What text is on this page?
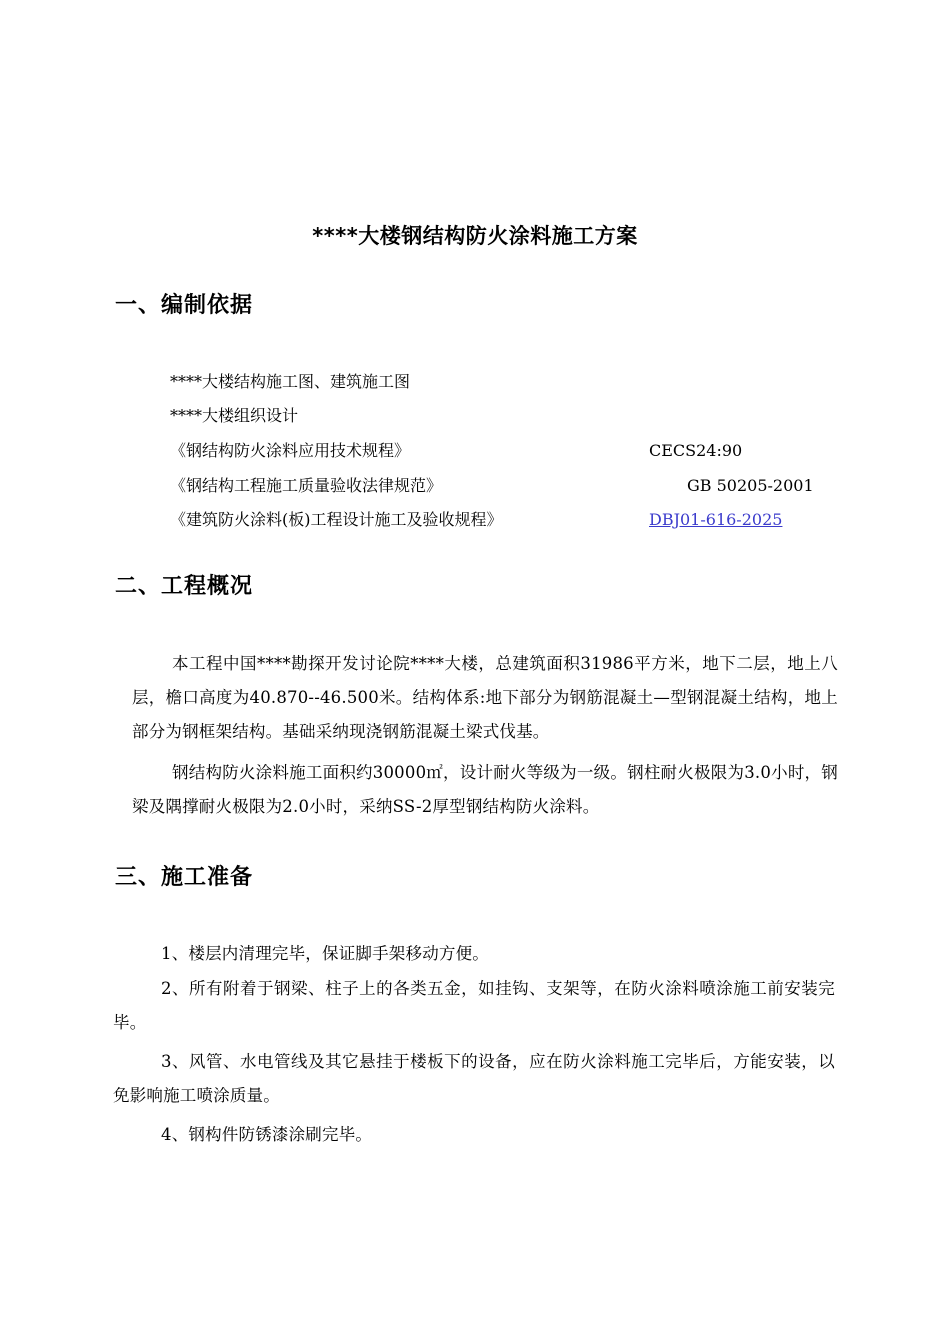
****大楼钢结构防火涂料施工方案
一、编制依据
****大楼结构施工图、建筑施工图
****大楼组织设计
《钢结构防火涂料应用技术规程》	CECS24:90
《钢结构工程施工质量验收法律规范》	GB 50205-2001
《建筑防火涂料(板)工程设计施工及验收规程》	DBJ01-616-2025
二、工程概况
本工程中国****勘探开发讨论院****大楼，总建筑面积31986平方米，地下二层，地上八层，檐口高度为40.870--46.500米。结构体系:地下部分为钢筋混凝土—型钢混凝土结构，地上部分为钢框架结构。基础采纳现浇钢筋混凝土梁式伐基。
钢结构防火涂料施工面积约30000㎡，设计耐火等级为一级。钢柱耐火极限为3.0小时，钢梁及隅撑耐火极限为2.0小时，采纳SS-2厚型钢结构防火涂料。
三、施工准备
1、楼层内清理完毕，保证脚手架移动方便。
2、所有附着于钢梁、柱子上的各类五金，如挂钩、支架等，在防火涂料喷涂施工前安装完毕。
3、风管、水电管线及其它悬挂于楼板下的设备，应在防火涂料施工完毕后，方能安装，以免影响施工喷涂质量。
4、钢构件防锈漆涂刷完毕。
